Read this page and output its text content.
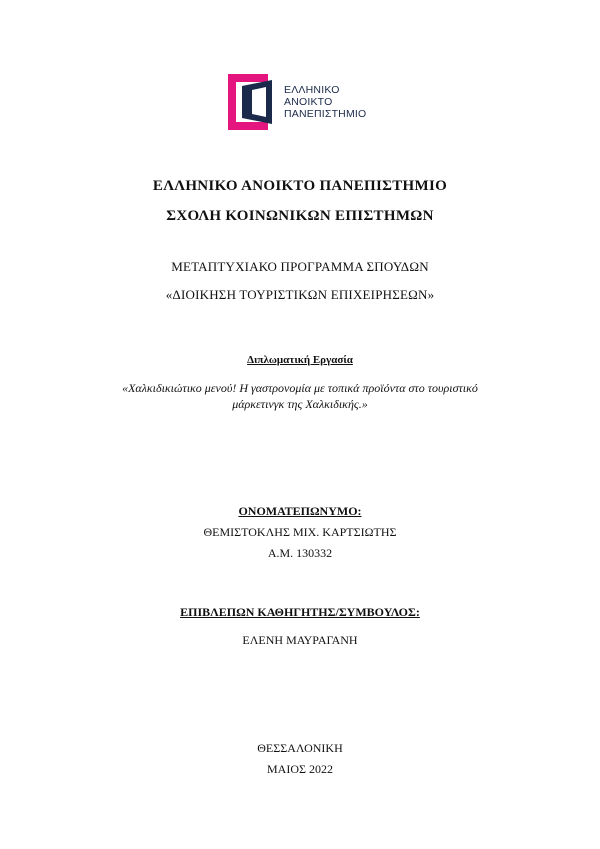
ΕΛΛΗΝΙΚΟ
ΑΝΟΙΚΤΟ
ΠΑΝΕΠΙΣΤΗΜΙΟ
ΕΛΛΗΝΙΚΟ ΑΝΟΙΚΤΟ ΠΑΝΕΠΙΣΤΗΜΙΟ
ΣΧΟΛΗ ΚΟΙΝΩΝΙΚΩΝ ΕΠΙΣΤΗΜΩΝ
ΜΕΤΑΠΤΥΧΙΑΚΟ ΠΡΟΓΡΑΜΜΑ ΣΠΟΥΔΩΝ
«ΔΙΟΙΚΗΣΗ ΤΟΥΡΙΣΤΙΚΩΝ ΕΠΙΧΕΙΡΗΣΕΩΝ»
Διπλωματική Εργασία
«Χαλκιδικιώτικο μενού! Η γαστρονομία με τοπικά προϊόντα στο τουριστικό
μάρκετινγκ της Χαλκιδικής.»
ΟΝΟΜΑΤΕΠΩΝΥΜΟ:
ΘΕΜΙΣΤΟΚΛΗΣ ΜΙΧ. ΚΑΡΤΣΙΩΤΗΣ
Α.Μ. 130332
ΕΠΙΒΛΕΠΩΝ ΚΑΘΗΓΗΤΗΣ/ΣΥΜΒΟΥΛΟΣ:
ΕΛΕΝΗ ΜΑΥΡΑΓΑΝΗ
ΘΕΣΣΑΛΟΝΙΚΗ
ΜΑΙΟΣ 2022
